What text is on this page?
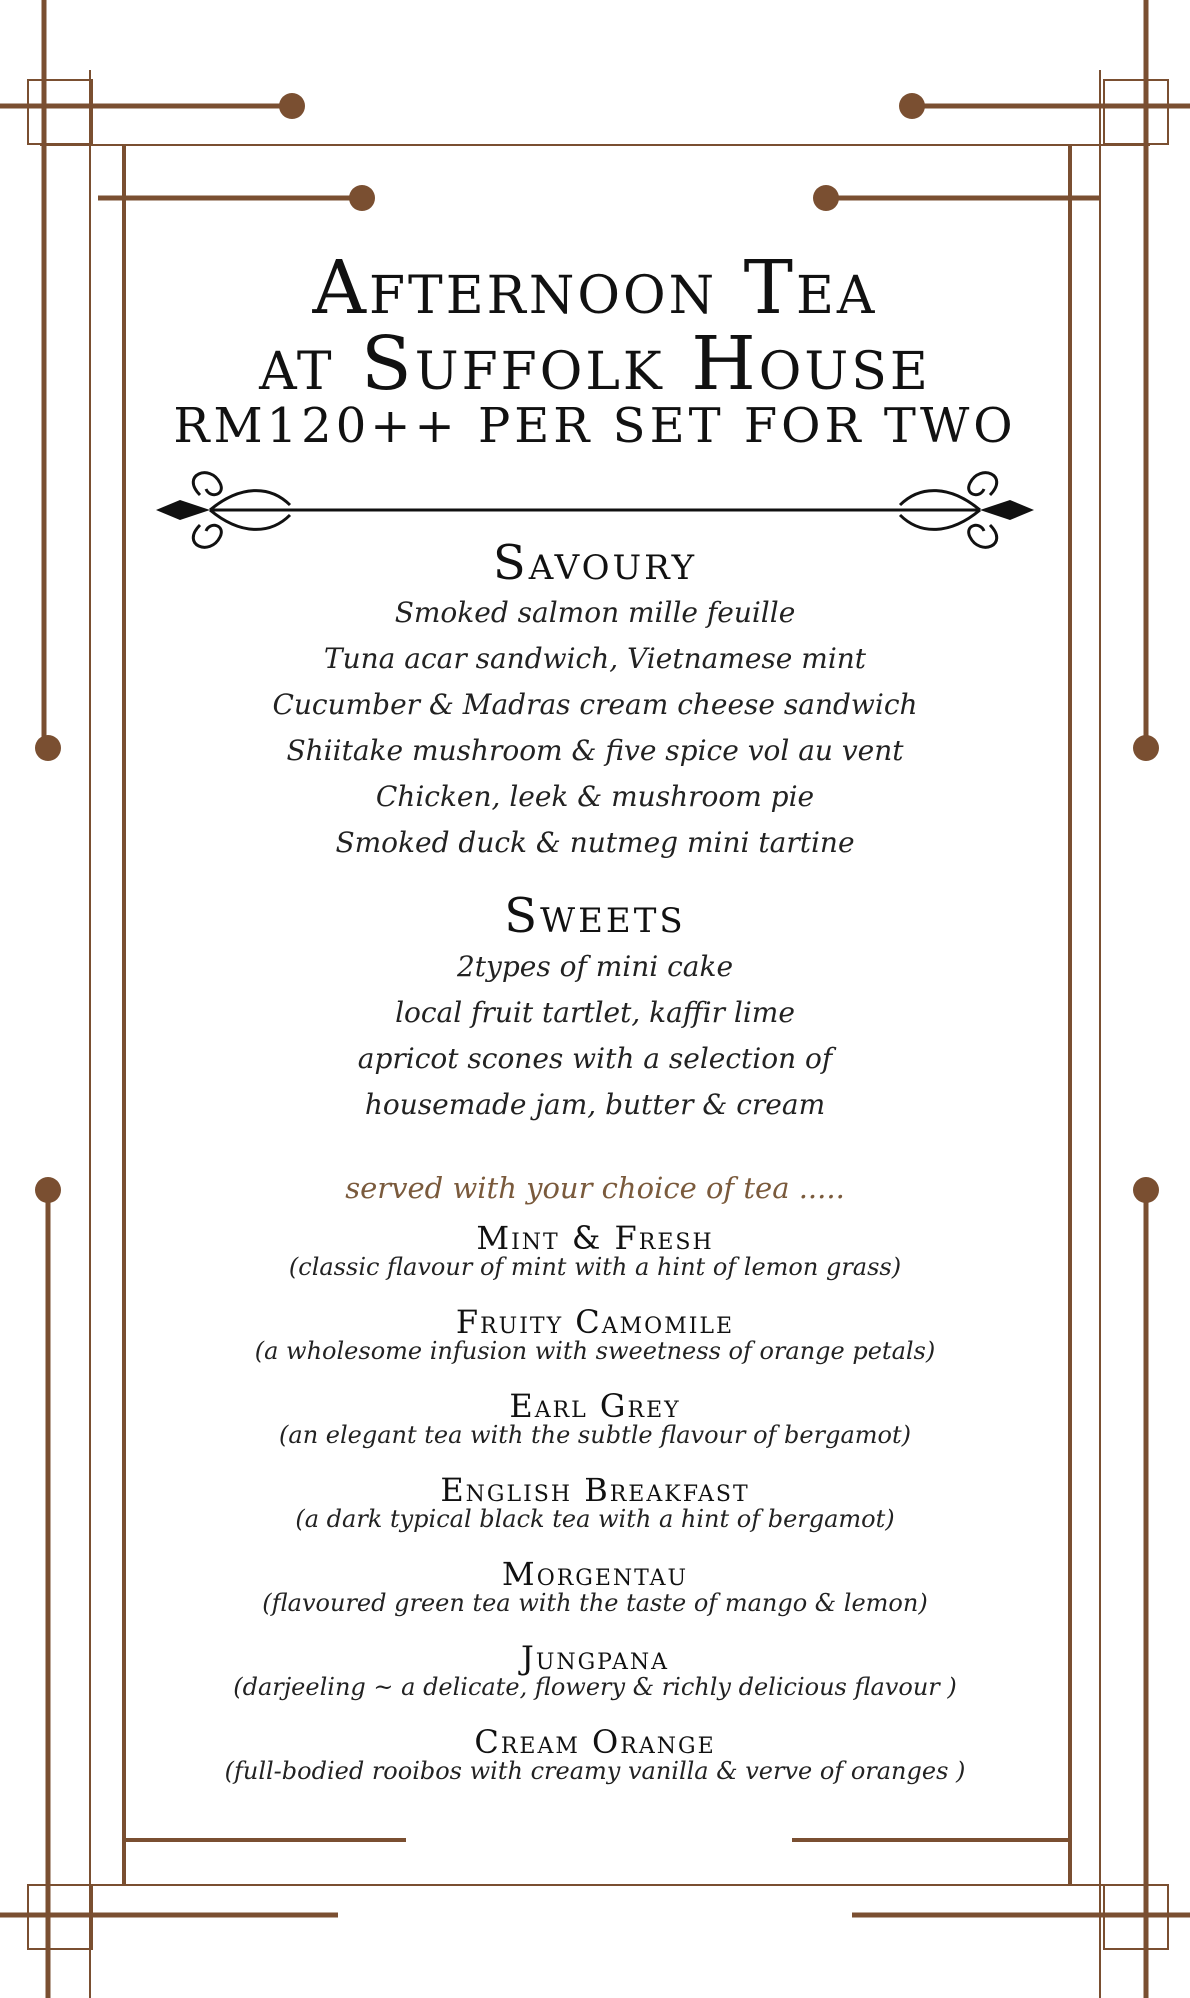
Afternoon Tea
at Suffolk House
RM120++ PER SET FOR TWO
Savoury
Smoked salmon mille feuille
Tuna acar sandwich, Vietnamese mint
Cucumber & Madras cream cheese sandwich
Shiitake mushroom & five spice vol au vent
Chicken, leek & mushroom pie
Smoked duck & nutmeg mini tartine
Sweets
2types of mini cake
local fruit tartlet, kaffir lime
apricot scones with a selection of
housemade jam, butter & cream
served with your choice of tea .....
Mint & Fresh
(classic flavour of mint with a hint of lemon grass)
Fruity Camomile
(a wholesome infusion with sweetness of orange petals)
Earl Grey
(an elegant tea with the subtle flavour of bergamot)
English Breakfast
(a dark typical black tea with a hint of bergamot)
Morgentau
(flavoured green tea with the taste of mango & lemon)
Jungpana
(darjeeling ~ a delicate, flowery & richly delicious flavour )
Cream Orange
(full-bodied rooibos with creamy vanilla & verve of oranges )
